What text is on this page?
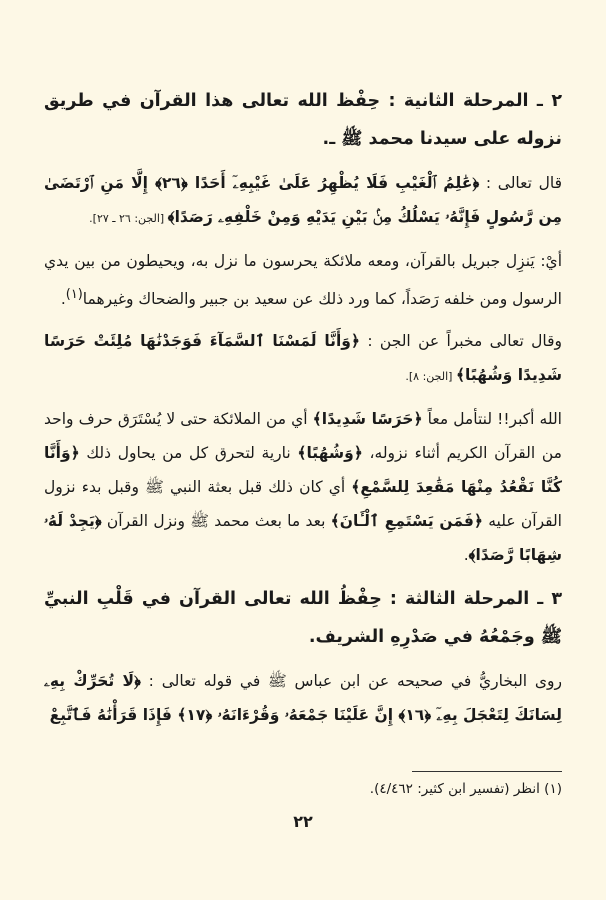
٢ ـ المرحلة الثانية : حِفْظ الله تعالى هذا القرآن في طريق نزوله على سيدنا محمد ﷺ ـ.

قال تعالى : ﴿عَٰلِمُ ٱلْغَيْبِ فَلَا يُظْهِرُ عَلَىٰ غَيْبِهِۦٓ أَحَدًا ﴿٢٦﴾ إِلَّا مَنِ ٱرْتَضَىٰ مِن رَّسُولٍ فَإِنَّهُۥ يَسْلُكُ مِنۢ بَيْنِ يَدَيْهِ وَمِنْ خَلْفِهِۦ رَصَدًا﴾ [الجن: ٢٦ ـ ٢٧].

أيْ: يَنزِل جبريل بالقرآن، ومعه ملائكة يحرسون ما نزل به، ويحيطون من بين يدي الرسول ومن خلفه رَصَداً، كما ورد ذلك عن سعيد بن جبير والضحاك وغيرهما$^{(١)}$.

وقال تعالى مخبراً عن الجن : ﴿وَأَنَّا لَمَسْنَا ٱلسَّمَآءَ فَوَجَدْنَٰهَا مُلِئَتْ حَرَسًا شَدِيدًا وَشُهُبًا﴾ [الجن: ٨].

الله أكبر!! لنتأمل معاً ﴿حَرَسًا شَدِيدًا﴾ أي من الملائكة حتى لا يُسْتَرَق حرف واحد من القرآن الكريم أثناء نزوله، ﴿وَشُهُبًا﴾ نارية لتحرق كل من يحاول ذلك ﴿وَأَنَّا كُنَّا نَقْعُدُ مِنْهَا مَقَٰعِدَ لِلسَّمْعِ﴾ أي كان ذلك قبل بعثة النبي ﷺ وقبل بدء نزول القرآن عليه ﴿فَمَن يَسْتَمِعِ ٱلْـَٔانَ﴾ بعد ما بعث محمد ﷺ ونزل القرآن ﴿يَجِدْ لَهُۥ شِهَابًا رَّصَدًا﴾.

٣ ـ المرحلة الثالثة : حِفْظُ الله تعالى القرآن في قَلْبِ النبيِّ ﷺ وجَمْعُهُ في صَدْرِهِ الشريف.

روى البخاريُّ في صحيحه عن ابن عباس ﷺ في قوله تعالى : ﴿لَا تُحَرِّكْ بِهِۦ لِسَانَكَ لِتَعْجَلَ بِهِۦٓ ﴿١٦﴾ إِنَّ عَلَيْنَا جَمْعَهُۥ وَقُرْءَانَهُۥ ﴿١٧﴾ فَإِذَا قَرَأْنَٰهُ فَٱتَّبِعْ

(١) انظر (تفسير ابن كثير: ٤/٤٦٢).

٢٢
